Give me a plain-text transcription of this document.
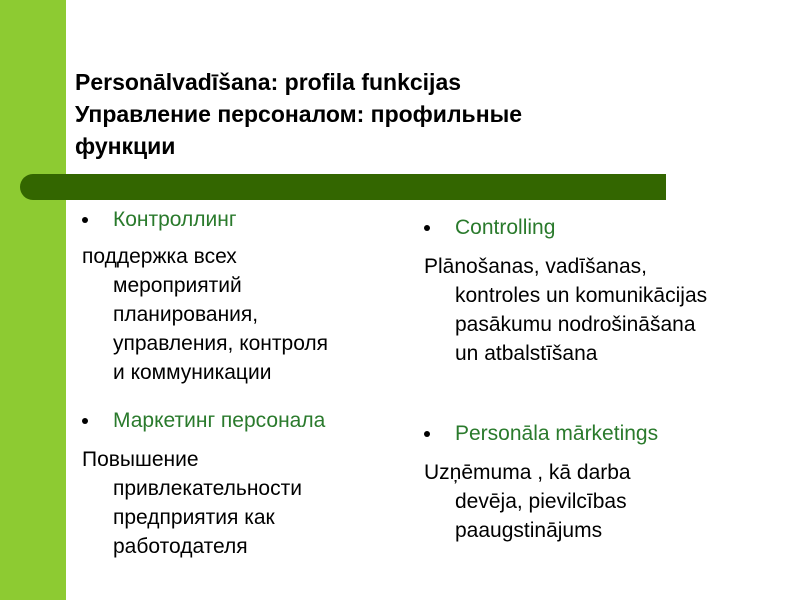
Personālvadīšana: profila funkcijas
Управление персоналом: профильные
функции
Контроллинг
поддержка всех
мероприятий
планирования,
управления, контроля
и коммуникации
Маркетинг персонала
Повышение
привлекательности
предприятия как
работодателя
Controlling
Plānošanas, vadīšanas,
kontroles un komunikācijas
pasākumu nodrošināšana
un atbalstīšana
Personāla mārketings
Uzņēmuma , kā darba
devēja, pievilcības
paaugstinājums
